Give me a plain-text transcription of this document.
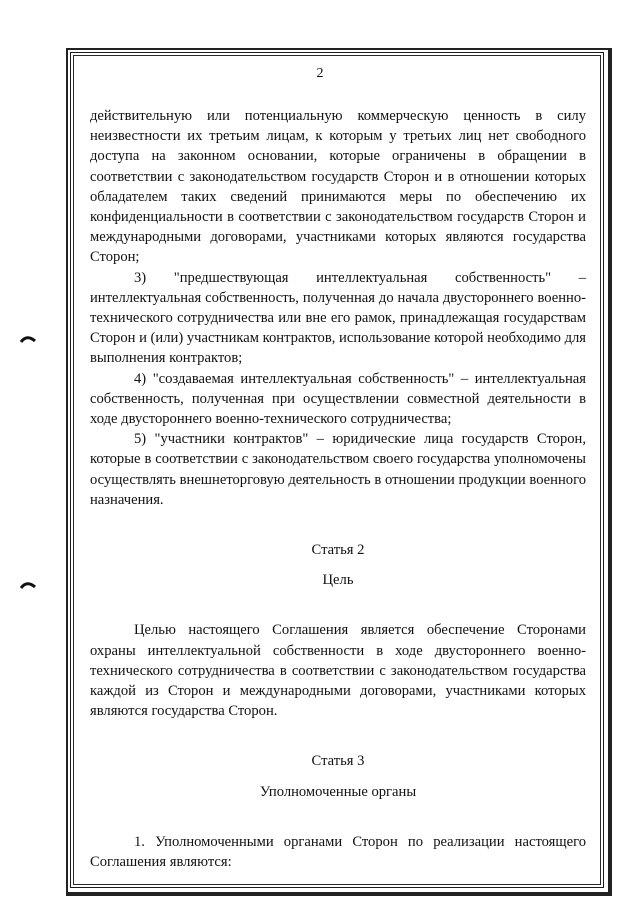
2

действительную или потенциальную коммерческую ценность в силу неизвестности их третьим лицам, к которым у третьих лиц нет свободного доступа на законном основании, которые ограничены в обращении в соответствии с законодательством государств Сторон и в отношении которых обладателем таких сведений принимаются меры по обеспечению их конфиденциальности в соответствии с законодательством государств Сторон и международными договорами, участниками которых являются государства Сторон;

3) "предшествующая интеллектуальная собственность" – интеллектуальная собственность, полученная до начала двустороннего военно-технического сотрудничества или вне его рамок, принадлежащая государствам Сторон и (или) участникам контрактов, использование которой необходимо для выполнения контрактов;

4) "создаваемая интеллектуальная собственность" – интеллектуальная собственность, полученная при осуществлении совместной деятельности в ходе двустороннего военно-технического сотрудничества;

5) "участники контрактов" – юридические лица государств Сторон, которые в соответствии с законодательством своего государства уполномочены осуществлять внешнеторговую деятельность в отношении продукции военного назначения.

Статья 2

Цель

Целью настоящего Соглашения является обеспечение Сторонами охраны интеллектуальной собственности в ходе двустороннего военно-технического сотрудничества в соответствии с законодательством государства каждой из Сторон и международными договорами, участниками которых являются государства Сторон.

Статья 3

Уполномоченные органы

1. Уполномоченными органами Сторон по реализации настоящего Соглашения являются:
